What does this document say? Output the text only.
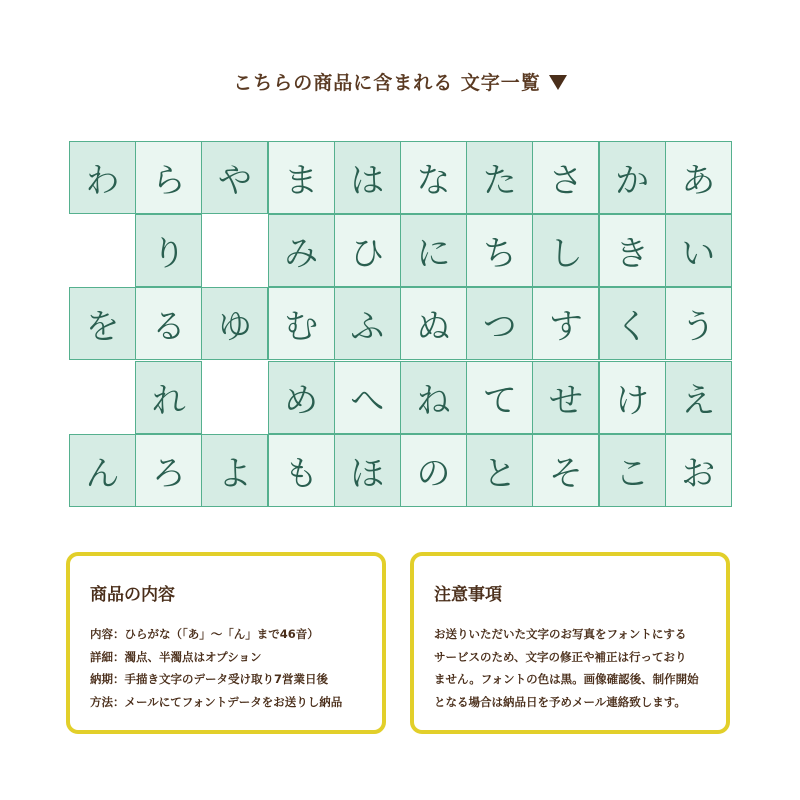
こちらの商品に含まれる 文字一覧
わ
を
ん
ら
り
る
れ
ろ
や
ゆ
よ
ま
み
む
め
も
は
ひ
ふ
へ
ほ
な
に
ぬ
ね
の
た
ち
つ
て
と
さ
し
す
せ
そ
か
き
く
け
こ
あ
い
う
え
お
商品の内容
内容：ひらがな（「あ」～「ん」まで46音）
詳細：濁点、半濁点はオプション
納期：手描き文字のデータ受け取り7営業日後
方法：メールにてフォントデータをお送りし納品
注意事項
お送りいただいた文字のお写真をフォントにする
サービスのため、文字の修正や補正は行っており
ません。フォントの色は黒。画像確認後、制作開始
となる場合は納品日を予めメール連絡致します。
